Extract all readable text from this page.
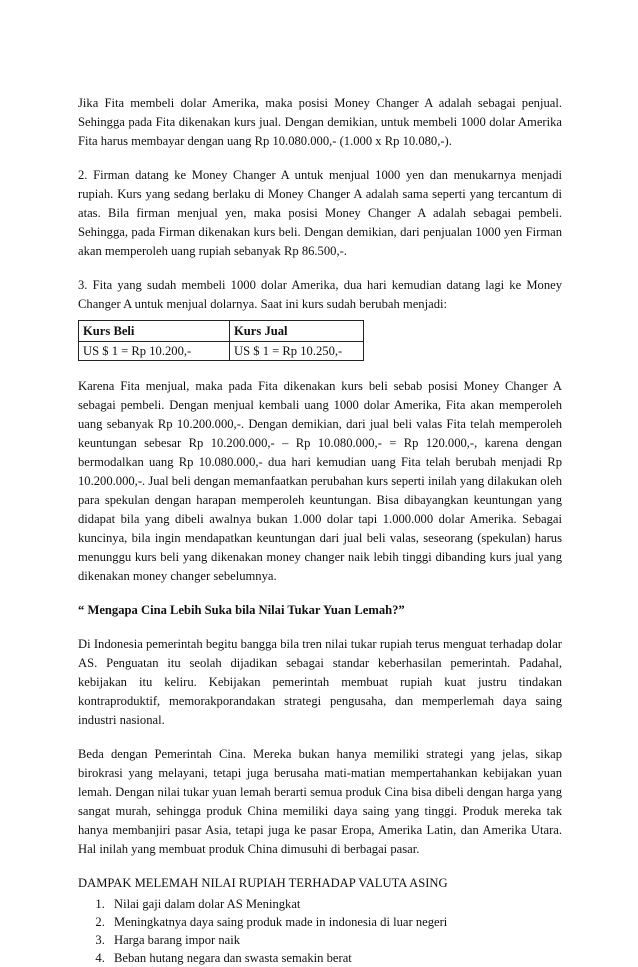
Jika Fita membeli dolar Amerika, maka posisi Money Changer A adalah sebagai penjual. Sehingga pada Fita dikenakan kurs jual. Dengan demikian, untuk membeli 1000 dolar Amerika Fita harus membayar dengan uang Rp 10.080.000,- (1.000 x Rp 10.080,-).

2. Firman datang ke Money Changer A untuk menjual 1000 yen dan menukarnya menjadi rupiah. Kurs yang sedang berlaku di Money Changer A adalah sama seperti yang tercantum di atas. Bila firman menjual yen, maka posisi Money Changer A adalah sebagai pembeli. Sehingga, pada Firman dikenakan kurs beli. Dengan demikian, dari penjualan 1000 yen Firman akan memperoleh uang rupiah sebanyak Rp 86.500,-.

3. Fita yang sudah membeli 1000 dolar Amerika, dua hari kemudian datang lagi ke Money Changer A untuk menjual dolarnya. Saat ini kurs sudah berubah menjadi:

Kurs Beli	Kurs Jual
US $ 1 = Rp 10.200,-	US $ 1 = Rp 10.250,-

Karena Fita menjual, maka pada Fita dikenakan kurs beli sebab posisi Money Changer A sebagai pembeli. Dengan menjual kembali uang 1000 dolar Amerika, Fita akan memperoleh uang sebanyak Rp 10.200.000,-. Dengan demikian, dari jual beli valas Fita telah memperoleh keuntungan sebesar Rp 10.200.000,- – Rp 10.080.000,- = Rp 120.000,-, karena dengan bermodalkan uang Rp 10.080.000,- dua hari kemudian uang Fita telah berubah menjadi Rp 10.200.000,-. Jual beli dengan memanfaatkan perubahan kurs seperti inilah yang dilakukan oleh para spekulan dengan harapan memperoleh keuntungan. Bisa dibayangkan keuntungan yang didapat bila yang dibeli awalnya bukan 1.000 dolar tapi 1.000.000 dolar Amerika. Sebagai kuncinya, bila ingin mendapatkan keuntungan dari jual beli valas, seseorang (spekulan) harus menunggu kurs beli yang dikenakan money changer naik lebih tinggi dibanding kurs jual yang dikenakan money changer sebelumnya.

“ Mengapa Cina Lebih Suka bila Nilai Tukar Yuan Lemah?”

Di Indonesia pemerintah begitu bangga bila tren nilai tukar rupiah terus menguat terhadap dolar AS. Penguatan itu seolah dijadikan sebagai standar keberhasilan pemerintah. Padahal, kebijakan itu keliru. Kebijakan pemerintah membuat rupiah kuat justru tindakan kontraproduktif, memorakporandakan strategi pengusaha, dan memperlemah daya saing industri nasional.

Beda dengan Pemerintah Cina. Mereka bukan hanya memiliki strategi yang jelas, sikap birokrasi yang melayani, tetapi juga berusaha mati-matian mempertahankan kebijakan yuan lemah. Dengan nilai tukar yuan lemah berarti semua produk Cina bisa dibeli dengan harga yang sangat murah, sehingga produk China memiliki daya saing yang tinggi. Produk mereka tak hanya membanjiri pasar Asia, tetapi juga ke pasar Eropa, Amerika Latin, dan Amerika Utara. Hal inilah yang membuat produk China dimusuhi di berbagai pasar.

DAMPAK MELEMAH NILAI RUPIAH TERHADAP VALUTA ASING
1. Nilai gaji dalam dolar AS Meningkat
2. Meningkatnya daya saing produk made in indonesia di luar negeri
3. Harga barang impor naik
4. Beban hutang negara dan swasta semakin berat
